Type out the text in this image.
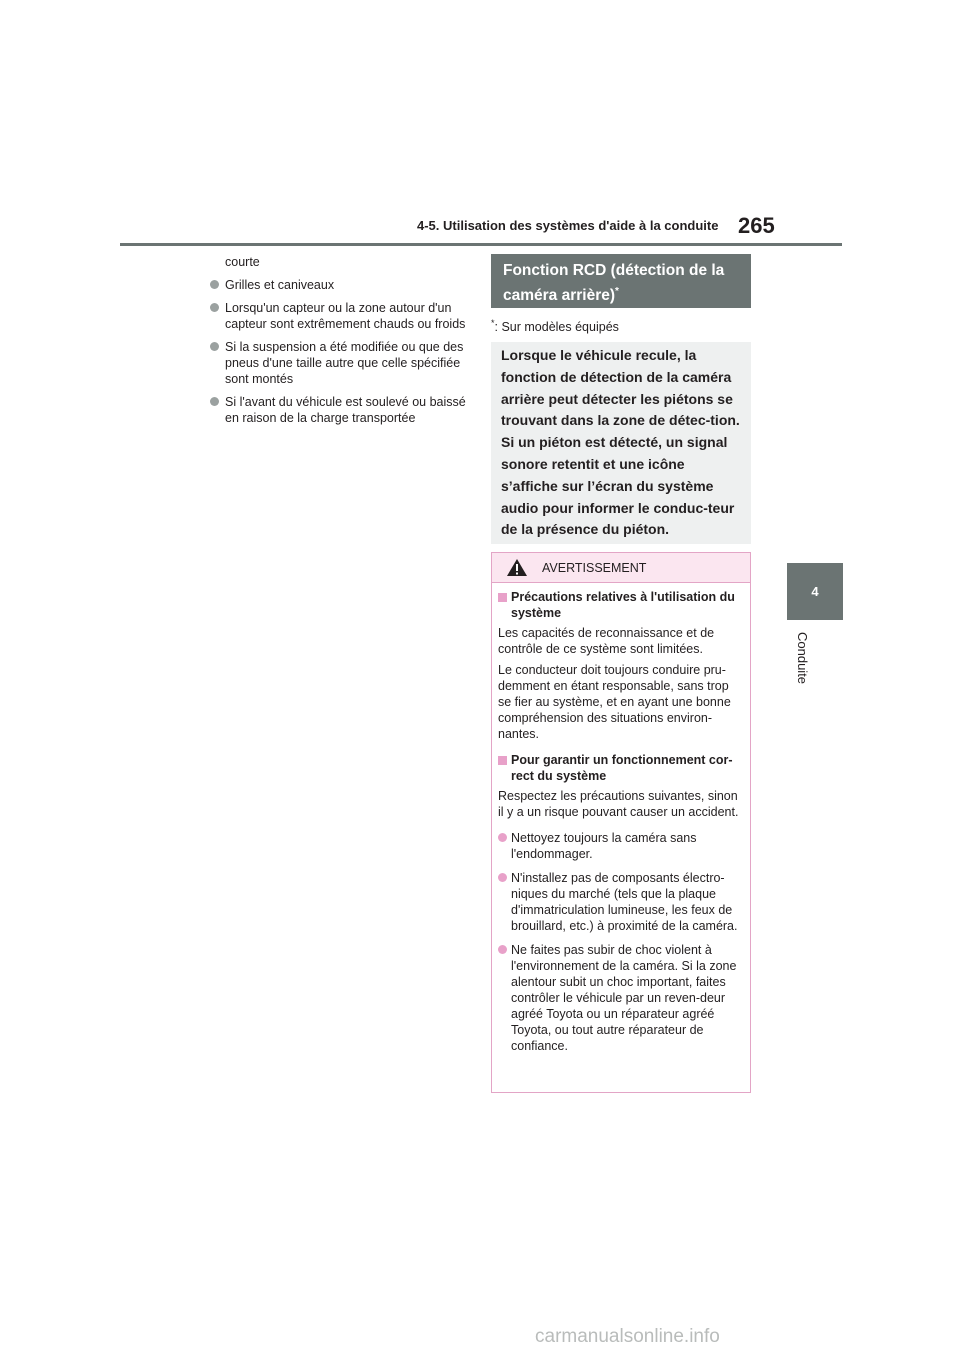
4-5. Utilisation des systèmes d'aide à la conduite 265
4
Conduite
courte
Grilles et caniveaux
Lorsqu'un capteur ou la zone autour d'un capteur sont extrêmement chauds ou froids
Si la suspension a été modifiée ou que des pneus d'une taille autre que celle spécifiée sont montés
Si l'avant du véhicule est soulevé ou baissé en raison de la charge transportée
Fonction RCD (détection de la caméra arrière)*
*: Sur modèles équipés
Lorsque le véhicule recule, la fonction de détection de la caméra arrière peut détecter les piétons se trouvant dans la zone de détec-tion. Si un piéton est détecté, un signal sonore retentit et une icône s’affiche sur l’écran du système audio pour informer le conduc-teur de la présence du piéton.
AVERTISSEMENT
Précautions relatives à l'utilisation du système
Les capacités de reconnaissance et de contrôle de ce système sont limitées.
Le conducteur doit toujours conduire pru-demment en étant responsable, sans trop se fier au système, et en ayant une bonne compréhension des situations environ-nantes.
Pour garantir un fonctionnement cor-rect du système
Respectez les précautions suivantes, sinon il y a un risque pouvant causer un accident.
Nettoyez toujours la caméra sans l'endommager.
N'installez pas de composants électro-niques du marché (tels que la plaque d'immatriculation lumineuse, les feux de brouillard, etc.) à proximité de la caméra.
Ne faites pas subir de choc violent à l'environnement de la caméra. Si la zone alentour subit un choc important, faites contrôler le véhicule par un reven-deur agréé Toyota ou un réparateur agréé Toyota, ou tout autre réparateur de confiance.
carmanualsonline.info
